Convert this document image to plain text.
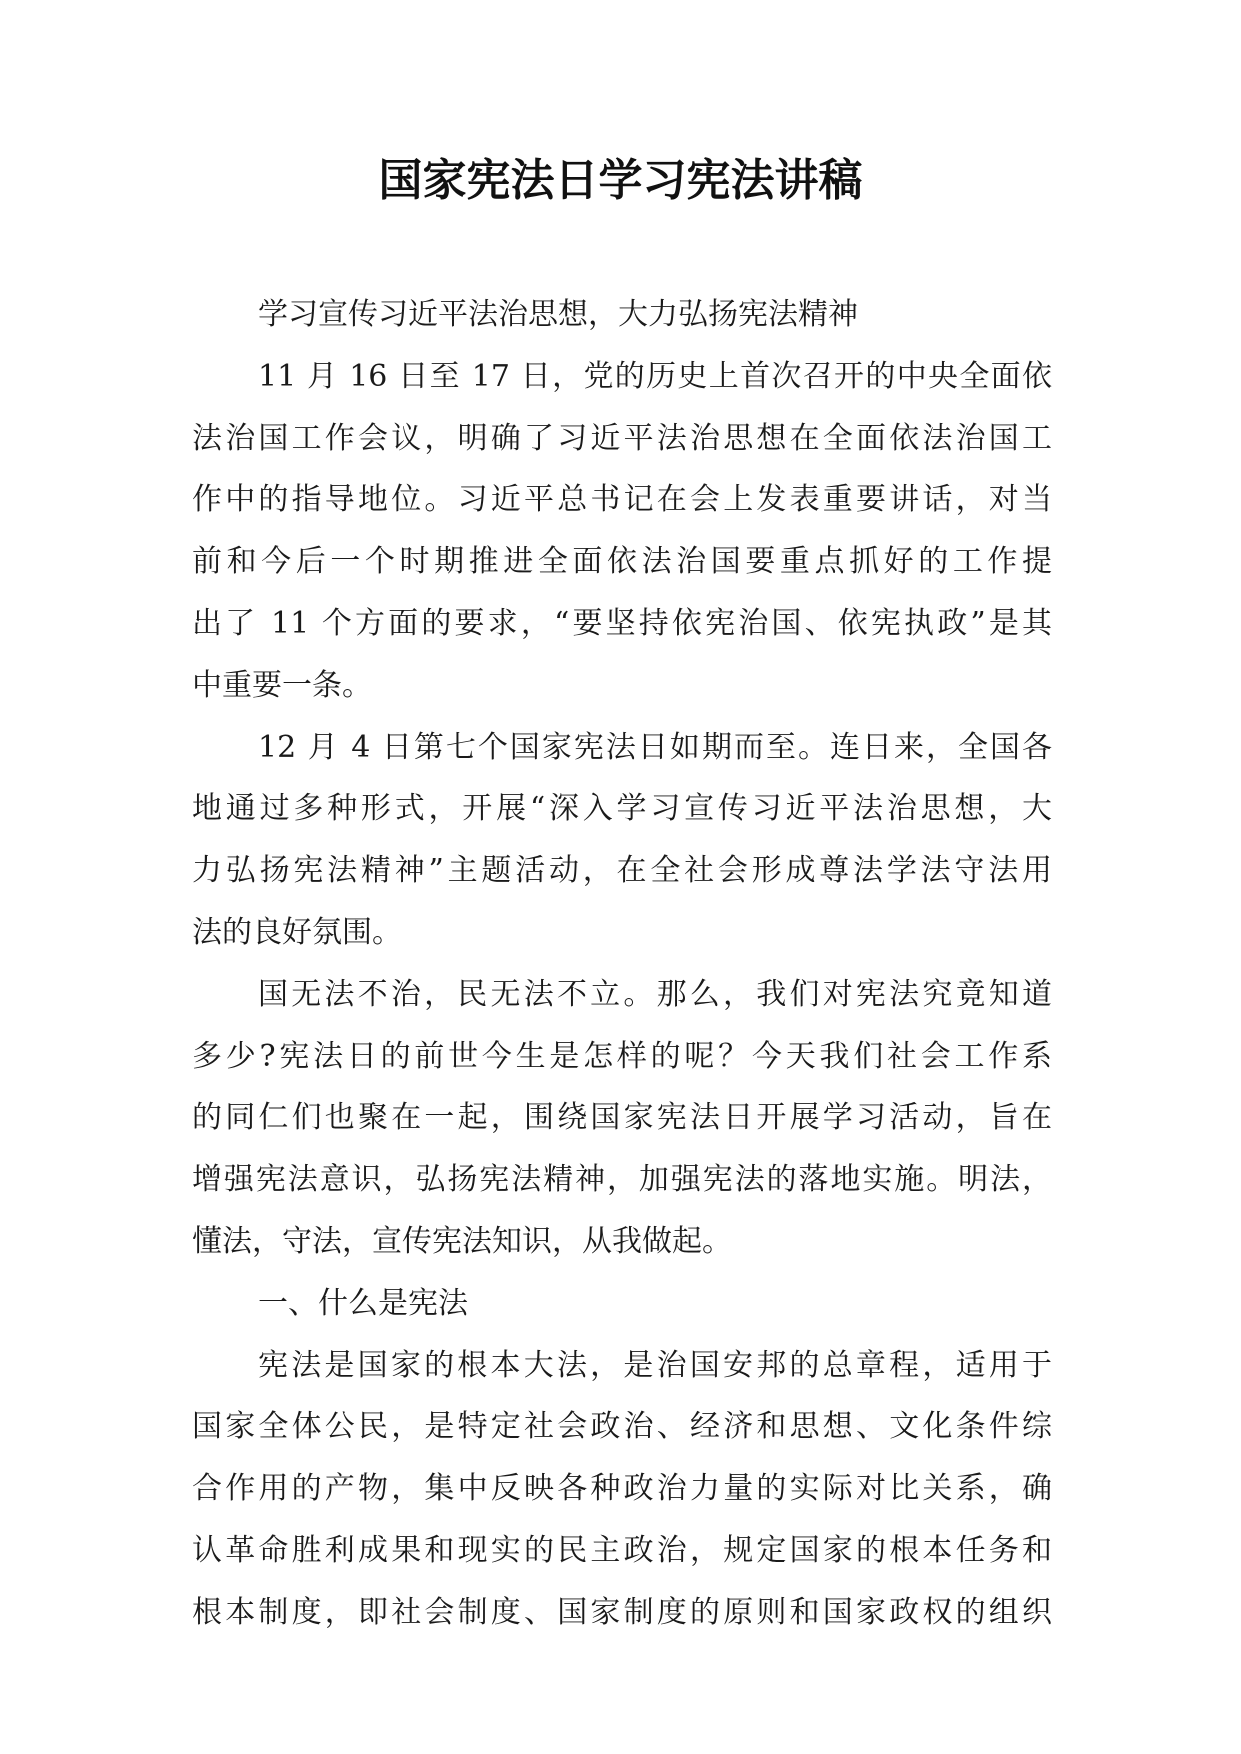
国家宪法日学习宪法讲稿
学习宣传习近平法治思想，大力弘扬宪法精神
11 月 16 日至 17 日，党的历史上首次召开的中央全面依
法治国工作会议，明确了习近平法治思想在全面依法治国工
作中的指导地位。习近平总书记在会上发表重要讲话，对当
前和今后一个时期推进全面依法治国要重点抓好的工作提
出了 11 个方面的要求，“要坚持依宪治国、依宪执政”是其
中重要一条。
12 月 4 日第七个国家宪法日如期而至。连日来，全国各
地通过多种形式，开展“深入学习宣传习近平法治思想，大
力弘扬宪法精神”主题活动，在全社会形成尊法学法守法用
法的良好氛围。
国无法不治，民无法不立。那么，我们对宪法究竟知道
多少?宪法日的前世今生是怎样的呢？今天我们社会工作系
的同仁们也聚在一起，围绕国家宪法日开展学习活动，旨在
增强宪法意识，弘扬宪法精神，加强宪法的落地实施。明法，
懂法，守法，宣传宪法知识，从我做起。
一、什么是宪法
宪法是国家的根本大法，是治国安邦的总章程，适用于
国家全体公民，是特定社会政治、经济和思想、文化条件综
合作用的产物，集中反映各种政治力量的实际对比关系，确
认革命胜利成果和现实的民主政治，规定国家的根本任务和
根本制度，即社会制度、国家制度的原则和国家政权的组织
